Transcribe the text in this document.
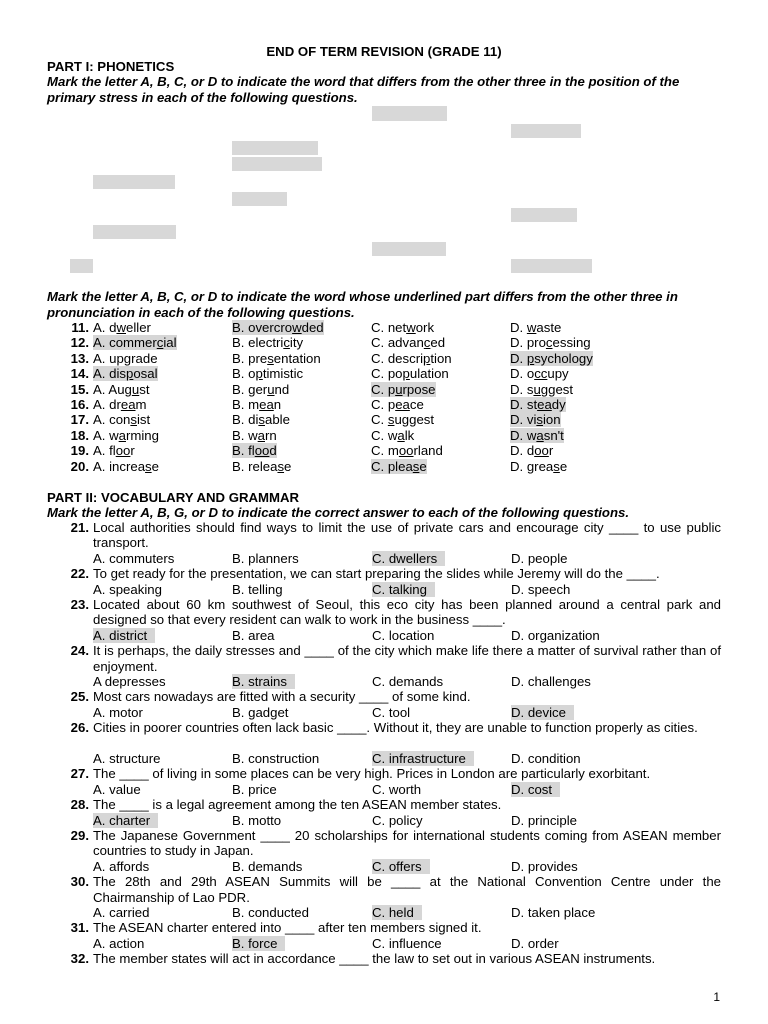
END OF TERM REVISION (GRADE 11)
PART I: PHONETICS
Mark the letter A, B, C, or D to indicate the word that differs from the other three in the position of the primary stress in each of the following questions.
Mark the letter A, B, C, or D to indicate the word whose underlined part differs from the other three in pronunciation in each of the following questions.
11. A. dweller	B. overcrowded	C. network	D. waste
12. A. commercial	B. electricity	C. advanced	D. processing
13. A. upgrade	B. presentation	C. description	D. psychology
14. A. disposal	B. optimistic	C. population	D. occupy
15. A. August	B. gerund	C. purpose	D. suggest
16. A. dream	B. mean	C. peace	D. steady
17. A. consist	B. disable	C. suggest	D. vision
18. A. warming	B. warn	C. walk	D. wasn't
19. A. floor	B. flood	C. moorland	D. door
20. A. increase	B. release	C. please	D. grease
PART II: VOCABULARY AND GRAMMAR
Mark the letter A, B, G, or D to indicate the correct answer to each of the following questions.
21. Local authorities should find ways to limit the use of private cars and encourage city ____ to use public transport.
A. commuters	B. planners	C. dwellers	D. people
22. To get ready for the presentation, we can start preparing the slides while Jeremy will do the ____.
A. speaking	B. telling	C. talking	D. speech
23. Located about 60 km southwest of Seoul, this eco city has been planned around a central park and designed so that every resident can walk to work in the business ____.
A. district	B. area	C. location	D. organization
24. It is perhaps, the daily stresses and ____ of the city which make life there a matter of survival rather than of enjoyment.
A depresses	B. strains	C. demands	D. challenges
25. Most cars nowadays are fitted with a security ____ of some kind.
A. motor	B. gadget	C. tool	D. device
26. Cities in poorer countries often lack basic ____. Without it, they are unable to function properly as cities.
A. structure	B. construction	C. infrastructure	D. condition
27. The ____ of living in some places can be very high. Prices in London are particularly exorbitant.
A. value	B. price	C. worth	D. cost
28. The ____ is a legal agreement among the ten ASEAN member states.
A. charter	B. motto	C. policy	D. principle
29. The Japanese Government ____ 20 scholarships for international students coming from ASEAN member countries to study in Japan.
A. affords	B. demands	C. offers	D. provides
30. The 28th and 29th ASEAN Summits will be ____ at the National Convention Centre under the Chairmanship of Lao PDR.
A. carried	B. conducted	C. held	D. taken place
31. The ASEAN charter entered into ____ after ten members signed it.
A. action	B. force	C. influence	D. order
32. The member states will act in accordance ____ the law to set out in various ASEAN instruments.
1
